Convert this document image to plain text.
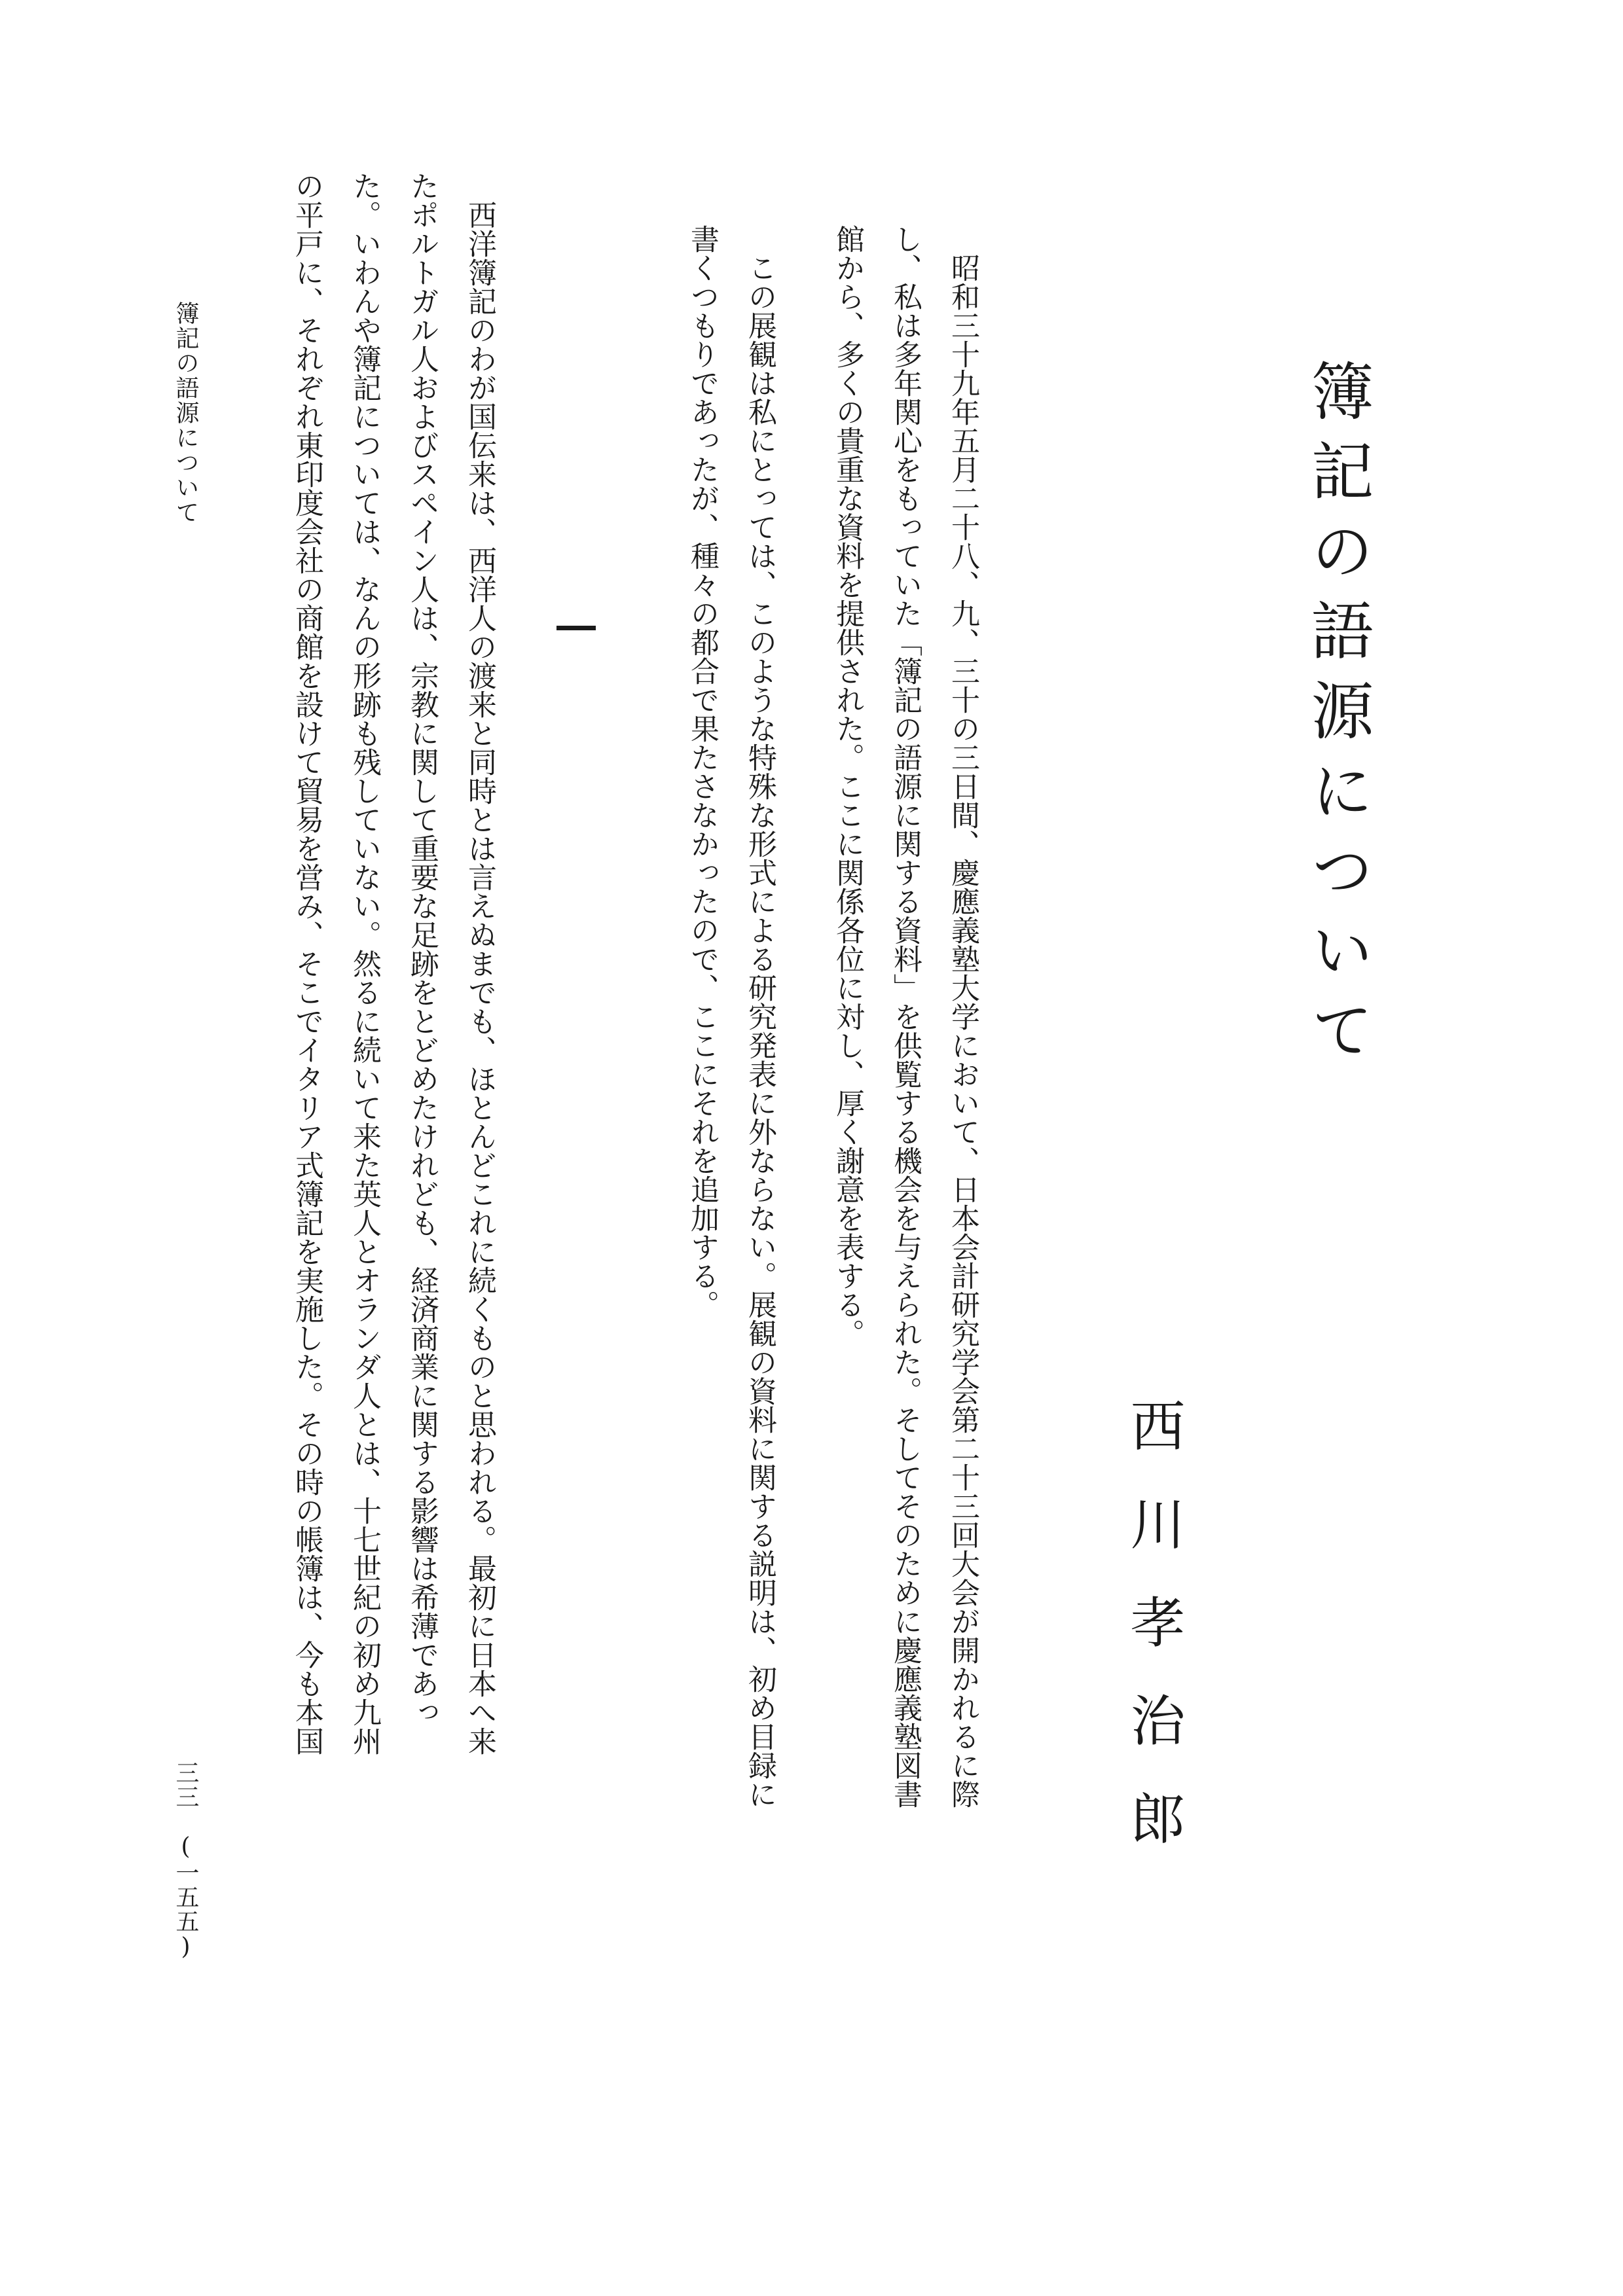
簿記の語源について
西川孝治郎
　昭和三十九年五月二十八、九、三十の三日間、慶應義塾大学において、日本会計研究学会第二十三回大会が開かれるに際
し、私は多年関心をもっていた「簿記の語源に関する資料」を供覧する機会を与えられた。そしてそのために慶應義塾図書
館から、多くの貴重な資料を提供された。ここに関係各位に対し、厚く謝意を表する。
　この展観は私にとっては、このような特殊な形式による研究発表に外ならない。展観の資料に関する説明は、初め目録に
書くつもりであったが、種々の都合で果たさなかったので、ここにそれを追加する。
　西洋簿記のわが国伝来は、西洋人の渡来と同時とは言えぬまでも、ほとんどこれに続くものと思われる。最初に日本へ来
たポルトガル人およびスペイン人は、宗教に関して重要な足跡をとどめたけれども、経済商業に関する影響は希薄であっ
た。いわんや簿記については、なんの形跡も残していない。然るに続いて来た英人とオランダ人とは、十七世紀の初め九州
の平戸に、それぞれ東印度会社の商館を設けて貿易を営み、そこでイタリア式簿記を実施した。その時の帳簿は、今も本国
簿記の語源について
三三　(一五五)
